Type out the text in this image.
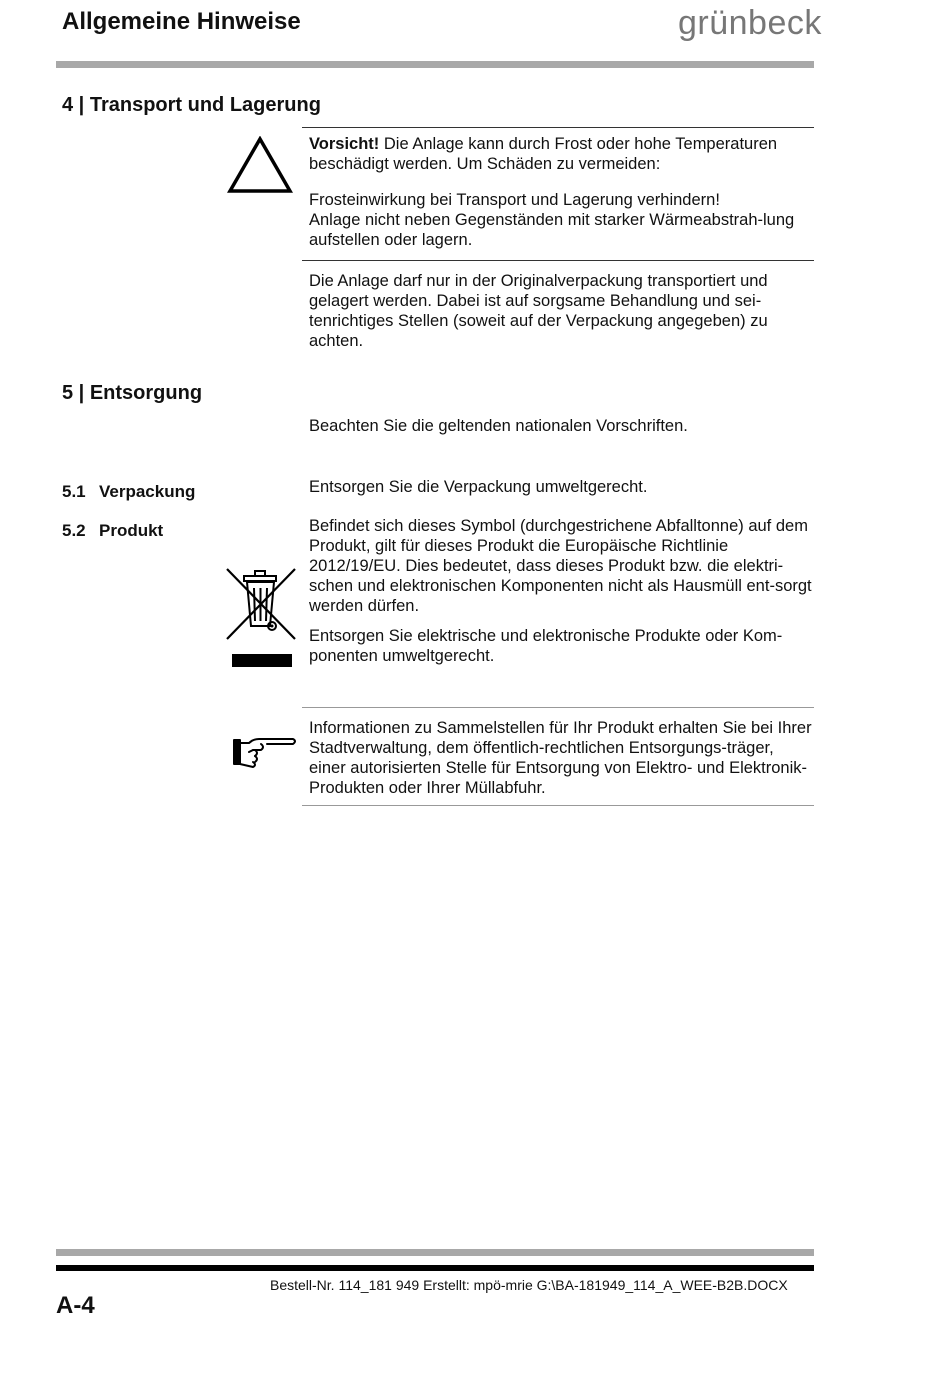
Allgemeine Hinweise	grünbeck
4 | Transport und Lagerung

Vorsicht! Die Anlage kann durch Frost oder hohe Temperaturen beschädigt werden. Um Schäden zu vermeiden:

Frosteinwirkung bei Transport und Lagerung verhindern!

Anlage nicht neben Gegenständen mit starker Wärmeabstrah-lung aufstellen oder lagern.

Die Anlage darf nur in der Originalverpackung transportiert und gelagert werden. Dabei ist auf sorgsame Behandlung und sei-tenrichtiges Stellen (soweit auf der Verpackung angegeben) zu achten.
5 | Entsorgung
Beachten Sie die geltenden nationalen Vorschriften.
5.1 Verpackung	Entsorgen Sie die Verpackung umweltgerecht.
5.2 Produkt	Befindet sich dieses Symbol (durchgestrichene Abfalltonne) auf dem Produkt, gilt für dieses Produkt die Europäische Richtlinie 2012/19/EU. Dies bedeutet, dass dieses Produkt bzw. die elektri-schen und elektronischen Komponenten nicht als Hausmüll ent-sorgt werden dürfen.
Entsorgen Sie elektrische und elektronische Produkte oder Kom-ponenten umweltgerecht.
Informationen zu Sammelstellen für Ihr Produkt erhalten Sie bei Ihrer Stadtverwaltung, dem öffentlich-rechtlichen Entsorgungs-träger, einer autorisierten Stelle für Entsorgung von Elektro- und Elektronik-Produkten oder Ihrer Müllabfuhr.
Bestell-Nr. 114_181 949 Erstellt: mpö-mrie G:\BA-181949_114_A_WEE-B2B.DOCX
A-4
